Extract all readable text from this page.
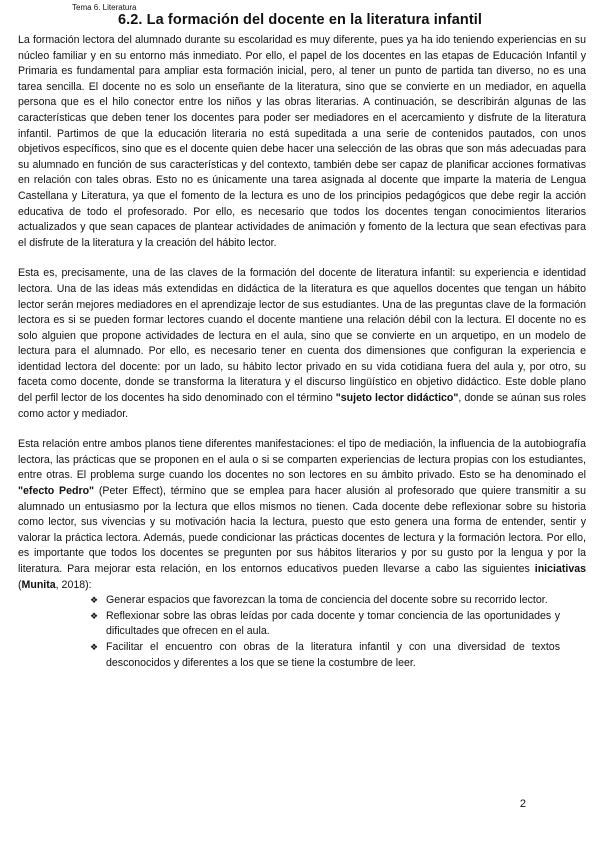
Tema 6. Literatura
6.2. La formación del docente en la literatura infantil

La formación lectora del alumnado durante su escolaridad es muy diferente, pues ya ha ido teniendo experiencias en su núcleo familiar y en su entorno más inmediato. Por ello, el papel de los docentes en las etapas de Educación Infantil y Primaria es fundamental para ampliar esta formación inicial, pero, al tener un punto de partida tan diverso, no es una tarea sencilla. El docente no es solo un enseñante de la literatura, sino que se convierte en un mediador, en aquella persona que es el hilo conector entre los niños y las obras literarias. A continuación, se describirán algunas de las características que deben tener los docentes para poder ser mediadores en el acercamiento y disfrute de la literatura infantil. Partimos de que la educación literaria no está supeditada a una serie de contenidos pautados, con unos objetivos específicos, sino que es el docente quien debe hacer una selección de las obras que son más adecuadas para su alumnado en función de sus características y del contexto, también debe ser capaz de planificar acciones formativas en relación con tales obras. Esto no es únicamente una tarea asignada al docente que imparte la materia de Lengua Castellana y Literatura, ya que el fomento de la lectura es uno de los principios pedagógicos que debe regir la acción educativa de todo el profesorado. Por ello, es necesario que todos los docentes tengan conocimientos literarios actualizados y que sean capaces de plantear actividades de animación y fomento de la lectura que sean efectivas para el disfrute de la literatura y la creación del hábito lector.

Esta es, precisamente, una de las claves de la formación del docente de literatura infantil: su experiencia e identidad lectora. Una de las ideas más extendidas en didáctica de la literatura es que aquellos docentes que tengan un hábito lector serán mejores mediadores en el aprendizaje lector de sus estudiantes. Una de las preguntas clave de la formación lectora es si se pueden formar lectores cuando el docente mantiene una relación débil con la lectura. El docente no es solo alguien que propone actividades de lectura en el aula, sino que se convierte en un arquetipo, en un modelo de lectura para el alumnado. Por ello, es necesario tener en cuenta dos dimensiones que configuran la experiencia e identidad lectora del docente: por un lado, su hábito lector privado en su vida cotidiana fuera del aula y, por otro, su faceta como docente, donde se transforma la literatura y el discurso lingüístico en objetivo didáctico. Este doble plano del perfil lector de los docentes ha sido denominado con el término "sujeto lector didáctico", donde se aúnan sus roles como actor y mediador.

Esta relación entre ambos planos tiene diferentes manifestaciones: el tipo de mediación, la influencia de la autobiografía lectora, las prácticas que se proponen en el aula o si se comparten experiencias de lectura propias con los estudiantes, entre otras. El problema surge cuando los docentes no son lectores en su ámbito privado. Esto se ha denominado el "efecto Pedro" (Peter Effect), término que se emplea para hacer alusión al profesorado que quiere transmitir a su alumnado un entusiasmo por la lectura que ellos mismos no tienen. Cada docente debe reflexionar sobre su historia como lector, sus vivencias y su motivación hacia la lectura, puesto que esto genera una forma de entender, sentir y valorar la práctica lectora. Además, puede condicionar las prácticas docentes de lectura y la formación lectora. Por ello, es importante que todos los docentes se pregunten por sus hábitos literarios y por su gusto por la lengua y por la literatura. Para mejorar esta relación, en los entornos educativos pueden llevarse a cabo las siguientes iniciativas (Munita, 2018):

❖ Generar espacios que favorezcan la toma de conciencia del docente sobre su recorrido lector.
❖ Reflexionar sobre las obras leídas por cada docente y tomar conciencia de las oportunidades y dificultades que ofrecen en el aula.
❖ Facilitar el encuentro con obras de la literatura infantil y con una diversidad de textos desconocidos y diferentes a los que se tiene la costumbre de leer.
2
